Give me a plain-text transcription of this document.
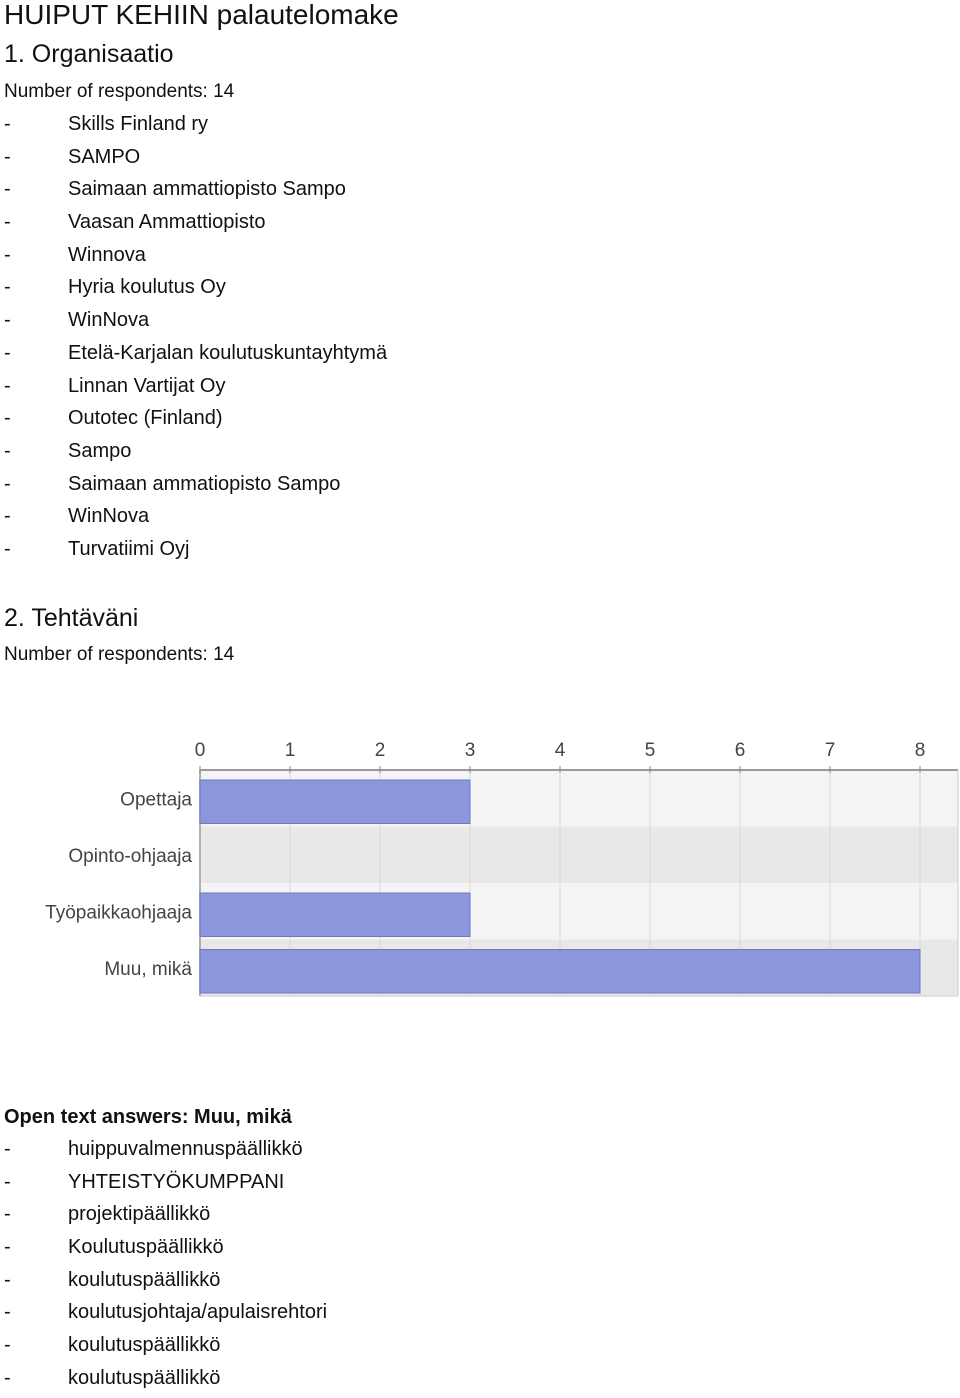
HUIPUT KEHIIN palautelomake
1. Organisaatio
Number of respondents: 14
-	Skills Finland ry
-	SAMPO
-	Saimaan ammattiopisto Sampo
-	Vaasan Ammattiopisto
-	Winnova
-	Hyria koulutus Oy
-	WinNova
-	Etelä-Karjalan koulutuskuntayhtymä
-	Linnan Vartijat Oy
-	Outotec (Finland)
-	Sampo
-	Saimaan ammatiopisto Sampo
-	WinNova
-	Turvatiimi Oyj
2. Tehtäväni
Number of respondents: 14
0	1	2	3	4	5	6	7	8
Opettaja
Opinto-ohjaaja
Työpaikkaohjaaja
Muu, mikä
Open text answers: Muu, mikä
-	huippuvalmennuspäällikkö
-	YHTEISTYÖKUMPPANI
-	projektipäällikkö
-	Koulutuspäällikkö
-	koulutuspäällikkö
-	koulutusjohtaja/apulaisrehtori
-	koulutuspäällikkö
-	koulutuspäällikkö
